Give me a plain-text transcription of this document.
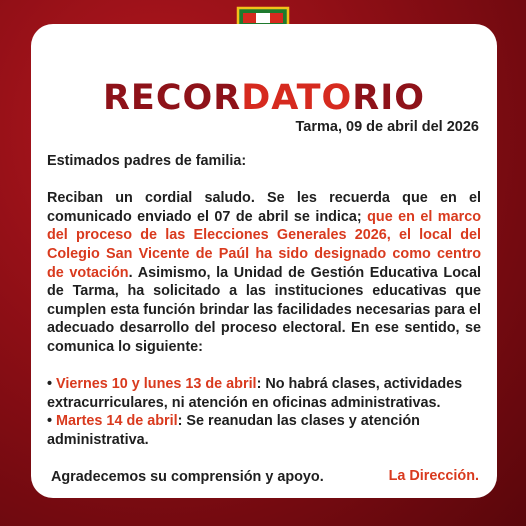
RECORDATORIO
Tarma, 09 de abril del 2026

Estimados padres de familia:

Reciban un cordial saludo. Se les recuerda que en el comunicado enviado el 07 de abril se indica; que en el marco del proceso de las Elecciones Generales 2026, el local del Colegio San Vicente de Paúl ha sido designado como centro de votación. Asimismo, la Unidad de Gestión Educativa Local de Tarma, ha solicitado a las instituciones educativas que cumplen esta función brindar las facilidades necesarias para el adecuado desarrollo del proceso electoral. En ese sentido, se comunica lo siguiente:

• Viernes 10 y lunes 13 de abril: No habrá clases, actividades extracurriculares, ni atención en oficinas administrativas.

• Martes 14 de abril: Se reanudan las clases y atención administrativa.

Agradecemos su comprensión y apoyo.	La Dirección.
